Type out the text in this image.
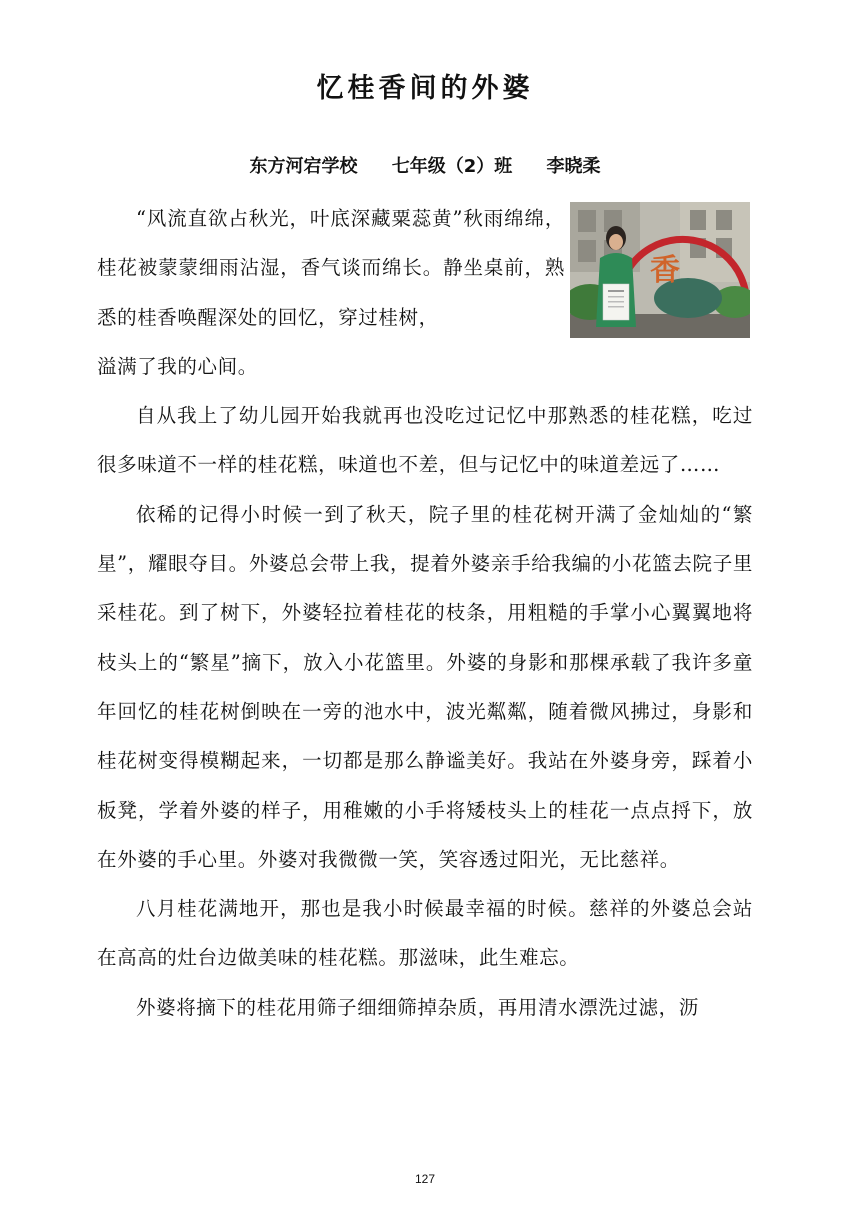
忆桂香间的外婆
东方河宕学校 七年级（2）班 李晓柔
香

“风流直欲占秋光，叶底深藏粟蕊黄”秋雨绵绵，桂花被蒙蒙细雨沾湿，香气谈而绵长。静坐桌前，熟悉的桂香唤醒深处的回忆，穿过桂树，

溢满了我的心间。

自从我上了幼儿园开始我就再也没吃过记忆中那熟悉的桂花糕，吃过很多味道不一样的桂花糕，味道也不差，但与记忆中的味道差远了……

依稀的记得小时候一到了秋天，院子里的桂花树开满了金灿灿的“繁星”，耀眼夺目。外婆总会带上我，提着外婆亲手给我编的小花篮去院子里采桂花。到了树下，外婆轻拉着桂花的枝条，用粗糙的手掌小心翼翼地将枝头上的“繁星”摘下，放入小花篮里。外婆的身影和那棵承载了我许多童年回忆的桂花树倒映在一旁的池水中，波光粼粼，随着微风拂过，身影和桂花树变得模糊起来，一切都是那么静谧美好。我站在外婆身旁，踩着小板凳，学着外婆的样子，用稚嫩的小手将矮枝头上的桂花一点点捋下，放在外婆的手心里。外婆对我微微一笑，笑容透过阳光，无比慈祥。

八月桂花满地开，那也是我小时候最幸福的时候。慈祥的外婆总会站在高高的灶台边做美味的桂花糕。那滋味，此生难忘。

外婆将摘下的桂花用筛子细细筛掉杂质，再用清水漂洗过滤，沥

127
